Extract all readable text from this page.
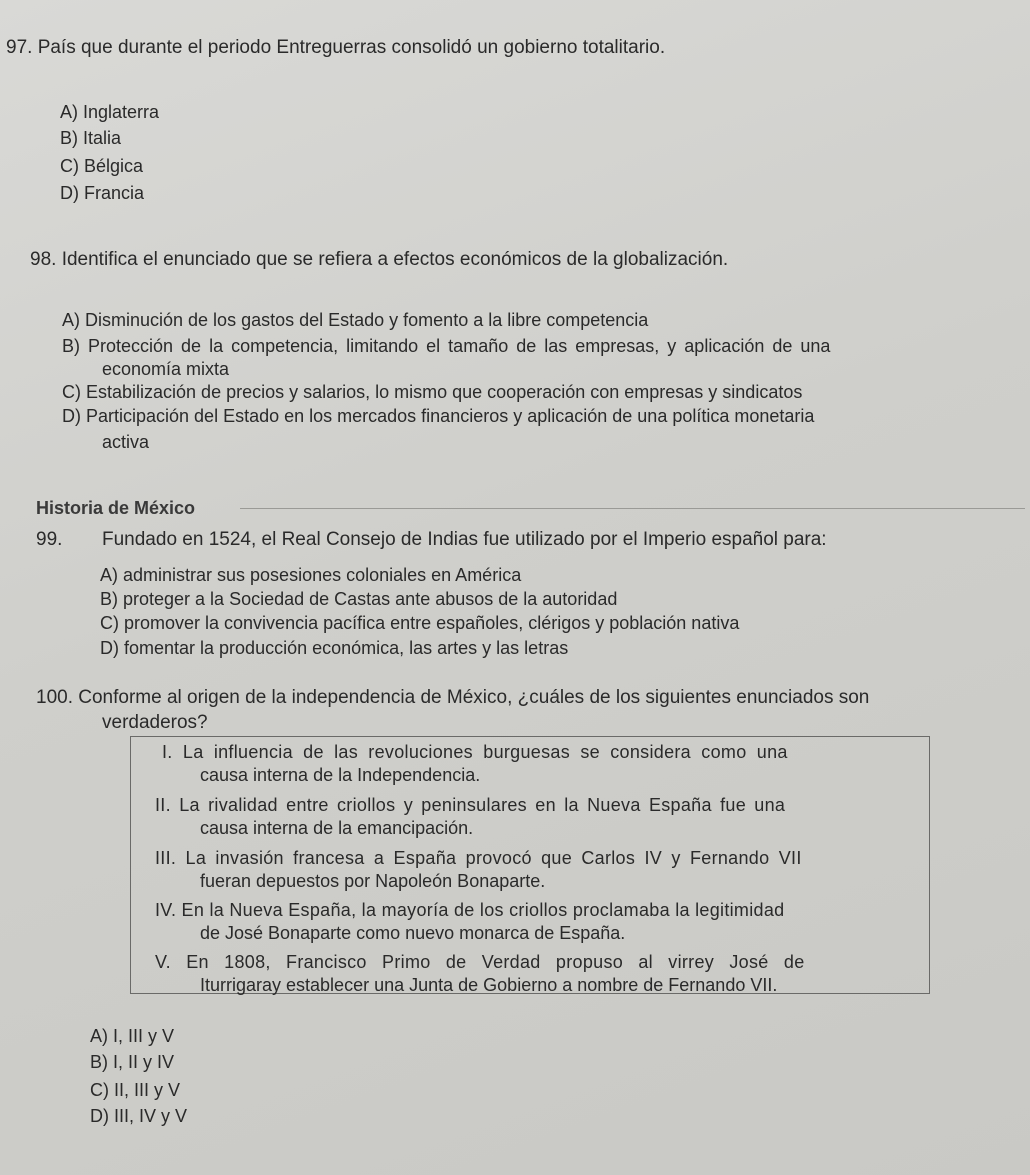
97. País que durante el periodo Entreguerras consolidó un gobierno totalitario.
A) Inglaterra
B) Italia
C) Bélgica
D) Francia
98. Identifica el enunciado que se refiera a efectos económicos de la globalización.
A) Disminución de los gastos del Estado y fomento a la libre competencia
B) Protección de la competencia, limitando el tamaño de las empresas, y aplicación de una
economía mixta
C) Estabilización de precios y salarios, lo mismo que cooperación con empresas y sindicatos
D) Participación del Estado en los mercados financieros y aplicación de una política monetaria
activa
Historia de México
99. Fundado en 1524, el Real Consejo de Indias fue utilizado por el Imperio español para:
A) administrar sus posesiones coloniales en América
B) proteger a la Sociedad de Castas ante abusos de la autoridad
C) promover la convivencia pacífica entre españoles, clérigos y población nativa
D) fomentar la producción económica, las artes y las letras
100. Conforme al origen de la independencia de México, ¿cuáles de los siguientes enunciados son
verdaderos?
I. La influencia de las revoluciones burguesas se considera como una
causa interna de la Independencia.
II. La rivalidad entre criollos y peninsulares en la Nueva España fue una
causa interna de la emancipación.
III. La invasión francesa a España provocó que Carlos IV y Fernando VII
fueran depuestos por Napoleón Bonaparte.
IV. En la Nueva España, la mayoría de los criollos proclamaba la legitimidad
de José Bonaparte como nuevo monarca de España.
V. En 1808, Francisco Primo de Verdad propuso al virrey José de
Iturrigaray establecer una Junta de Gobierno a nombre de Fernando VII.
A) I, III y V
B) I, II y IV
C) II, III y V
D) III, IV y V
